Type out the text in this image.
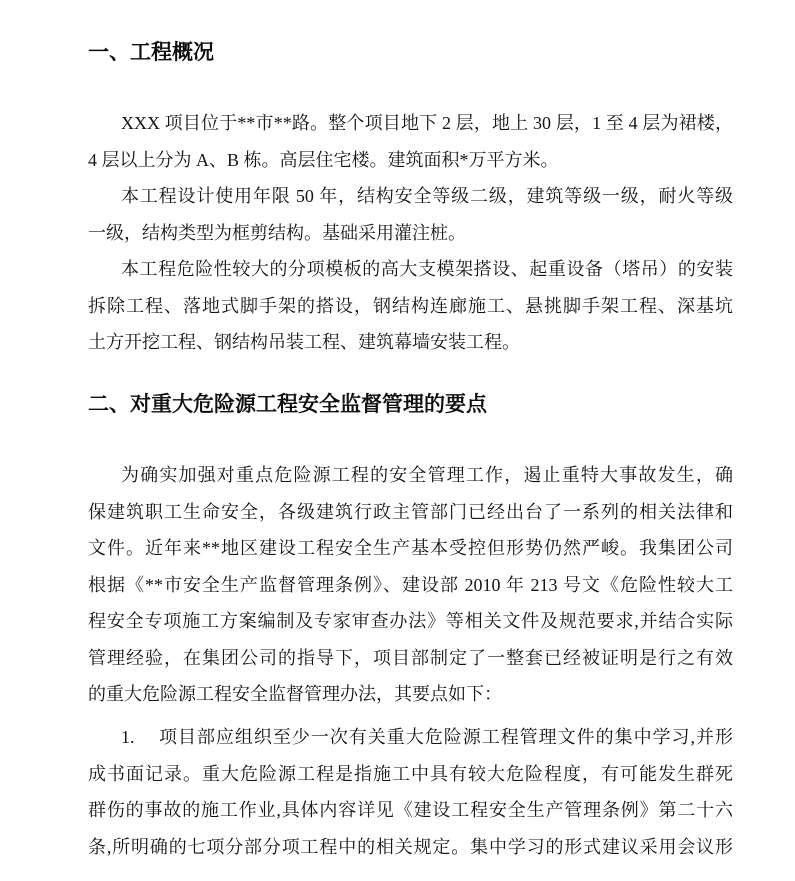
一、工程概况
XXX 项目位于**市**路。整个项目地下 2 层，地上 30 层，1 至 4 层为裙楼，
4 层以上分为 A、B 栋。高层住宅楼。建筑面积*万平方米。
本工程设计使用年限 50 年，结构安全等级二级，建筑等级一级，耐火等级
一级，结构类型为框剪结构。基础采用灌注桩。
本工程危险性较大的分项模板的高大支模架搭设、起重设备（塔吊）的安装
拆除工程、落地式脚手架的搭设，钢结构连廊施工、悬挑脚手架工程、深基坑
土方开挖工程、钢结构吊装工程、建筑幕墙安装工程。
二、对重大危险源工程安全监督管理的要点
为确实加强对重点危险源工程的安全管理工作，遏止重特大事故发生，确
保建筑职工生命安全，各级建筑行政主管部门已经出台了一系列的相关法律和
文件。近年来**地区建设工程安全生产基本受控但形势仍然严峻。我集团公司
根据《**市安全生产监督管理条例》、建设部 2010 年 213 号文《危险性较大工
程安全专项施工方案编制及专家审查办法》等相关文件及规范要求,并结合实际
管理经验，在集团公司的指导下，项目部制定了一整套已经被证明是行之有效
的重大危险源工程安全监督管理办法，其要点如下：
1. 项目部应组织至少一次有关重大危险源工程管理文件的集中学习,并形
成书面记录。重大危险源工程是指施工中具有较大危险程度，有可能发生群死
群伤的事故的施工作业,具体内容详见《建设工程安全生产管理条例》第二十六
条,所明确的七项分部分项工程中的相关规定。集中学习的形式建议采用会议形
